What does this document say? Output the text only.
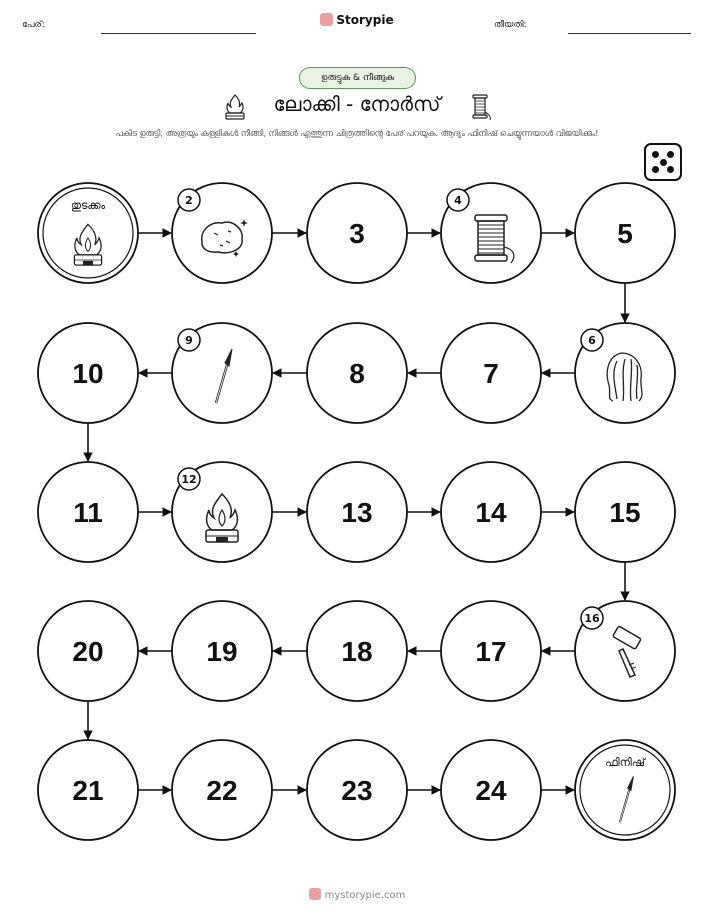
പേര്:	Storypie	തീയതി:
ഉരുട്ടുക & നീങ്ങുക
ലോക്കി - നോർസ്
പകിട ഉരുട്ടി, അത്രയും കള്ളികൾ നീങ്ങി, നിങ്ങൾ എത്തുന്ന ചിത്രത്തിന്റെ പേര് പറയുക. ആദ്യം ഫിനിഷ് ചെയ്യുന്നയാൾ വിജയിക്കും!
തുടക്കം	2
3
4
5
6
7
8
9
10
11
12
13	14	15
16
17
18
19
20
21	22	23	24
ഫിനിഷ്
mystorypie.com
